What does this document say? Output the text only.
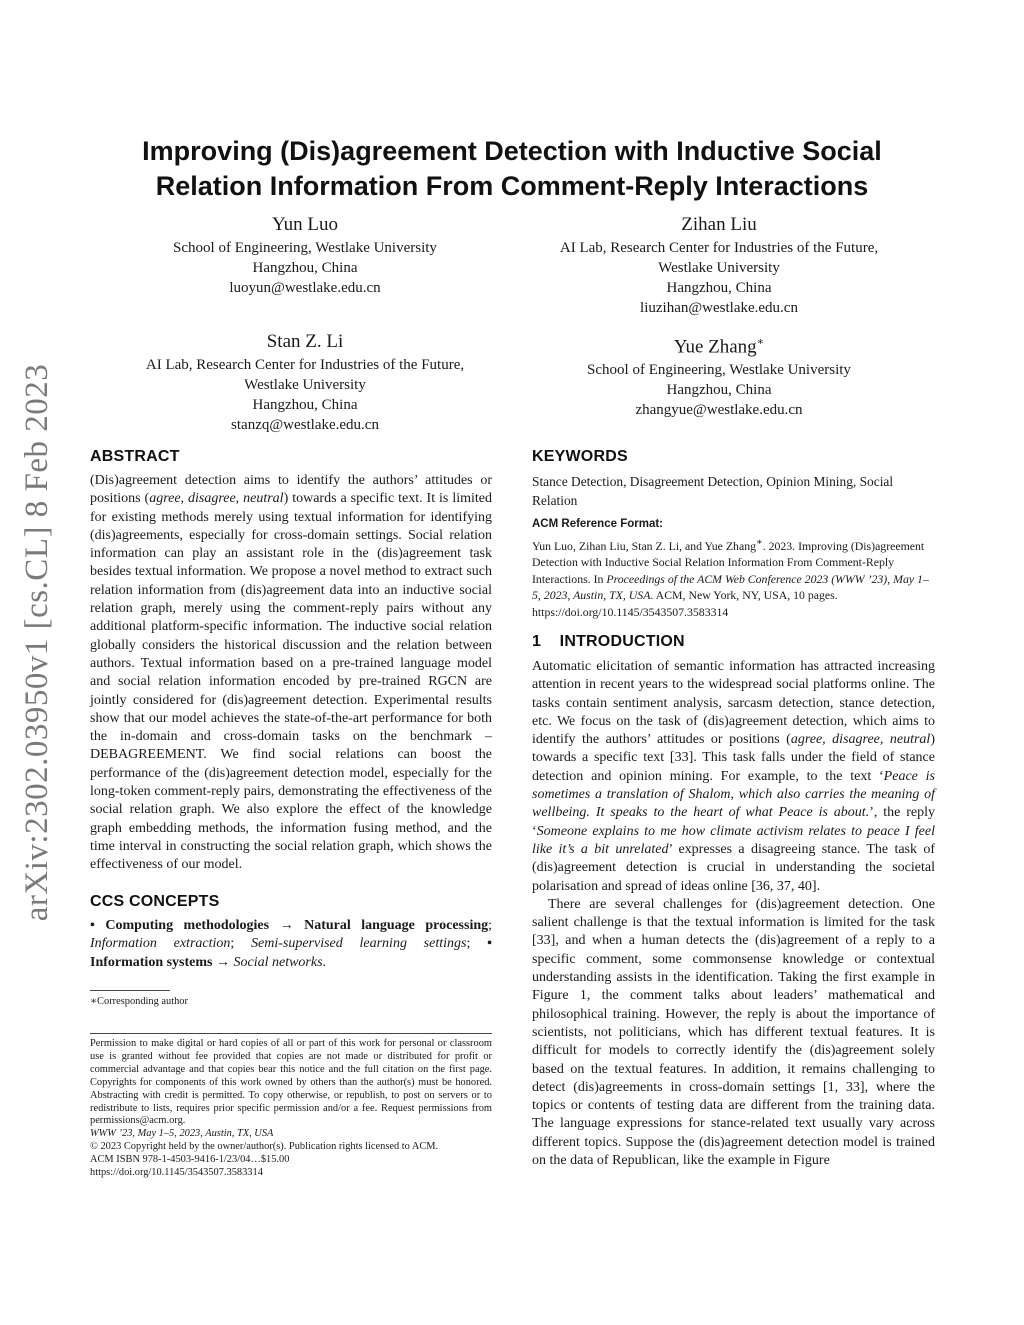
arXiv:2302.03950v1 [cs.CL] 8 Feb 2023
Improving (Dis)agreement Detection with Inductive Social
Relation Information From Comment-Reply Interactions
Yun Luo
School of Engineering, Westlake University
Hangzhou, China
luoyun@westlake.edu.cn
Zihan Liu
AI Lab, Research Center for Industries of the Future,
Westlake University
Hangzhou, China
liuzihan@westlake.edu.cn
Stan Z. Li
AI Lab, Research Center for Industries of the Future,
Westlake University
Hangzhou, China
stanzq@westlake.edu.cn
Yue Zhang∗
School of Engineering, Westlake University
Hangzhou, China
zhangyue@westlake.edu.cn
ABSTRACT

(Dis)agreement detection aims to identify the authors’ attitudes or positions (agree, disagree, neutral) towards a specific text. It is limited for existing methods merely using textual information for identifying (dis)agreements, especially for cross-domain settings. Social relation information can play an assistant role in the (dis)agreement task besides textual information. We propose a novel method to extract such relation information from (dis)agreement data into an inductive social relation graph, merely using the comment-reply pairs without any additional platform-specific information. The inductive social relation globally considers the historical discussion and the relation between authors. Textual information based on a pre-trained language model and social relation information encoded by pre-trained RGCN are jointly considered for (dis)agreement detection. Experimental results show that our model achieves the state-of-the-art performance for both the in-domain and cross-domain tasks on the benchmark – DEBAGREEMENT. We find social relations can boost the performance of the (dis)agreement detection model, especially for the long-token comment-reply pairs, demonstrating the effectiveness of the social relation graph. We also explore the effect of the knowledge graph embedding methods, the information fusing method, and the time interval in constructing the social relation graph, which shows the effectiveness of our model.

CCS CONCEPTS

• Computing methodologies → Natural language processing; Information extraction; Semi-supervised learning settings; • Information systems → Social networks.

∗Corresponding author

Permission to make digital or hard copies of all or part of this work for personal or classroom use is granted without fee provided that copies are not made or distributed for profit or commercial advantage and that copies bear this notice and the full citation on the first page. Copyrights for components of this work owned by others than the author(s) must be honored. Abstracting with credit is permitted. To copy otherwise, or republish, to post on servers or to redistribute to lists, requires prior specific permission and/or a fee. Request permissions from permissions@acm.org.

WWW ’23, May 1–5, 2023, Austin, TX, USA

© 2023 Copyright held by the owner/author(s). Publication rights licensed to ACM.

ACM ISBN 978-1-4503-9416-1/23/04…$15.00

https://doi.org/10.1145/3543507.3583314

KEYWORDS

Stance Detection, Disagreement Detection, Opinion Mining, Social Relation

ACM Reference Format:

Yun Luo, Zihan Liu, Stan Z. Li, and Yue Zhang∗. 2023. Improving (Dis)agreement Detection with Inductive Social Relation Information From Comment-Reply Interactions. In Proceedings of the ACM Web Conference 2023 (WWW ’23), May 1–5, 2023, Austin, TX, USA. ACM, New York, NY, USA, 10 pages. https://doi.org/10.1145/3543507.3583314

1    INTRODUCTION

Automatic elicitation of semantic information has attracted increasing attention in recent years to the widespread social platforms online. The tasks contain sentiment analysis, sarcasm detection, stance detection, etc. We focus on the task of (dis)agreement detection, which aims to identify the authors’ attitudes or positions (agree, disagree, neutral) towards a specific text [33]. This task falls under the field of stance detection and opinion mining. For example, to the text ‘Peace is sometimes a translation of Shalom, which also carries the meaning of wellbeing. It speaks to the heart of what Peace is about.’, the reply ‘Someone explains to me how climate activism relates to peace I feel like it’s a bit unrelated’ expresses a disagreeing stance. The task of (dis)agreement detection is crucial in understanding the societal polarisation and spread of ideas online [36, 37, 40].

There are several challenges for (dis)agreement detection. One salient challenge is that the textual information is limited for the task [33], and when a human detects the (dis)agreement of a reply to a specific comment, some commonsense knowledge or contextual understanding assists in the identification. Taking the first example in Figure 1, the comment talks about leaders’ mathematical and philosophical training. However, the reply is about the importance of scientists, not politicians, which has different textual features. It is difficult for models to correctly identify the (dis)agreement solely based on the textual features. In addition, it remains challenging to detect (dis)agreements in cross-domain settings [1, 33], where the topics or contents of testing data are different from the training data. The language expressions for stance-related text usually vary across different topics. Suppose the (dis)agreement detection model is trained on the data of Republican, like the example in Figure
